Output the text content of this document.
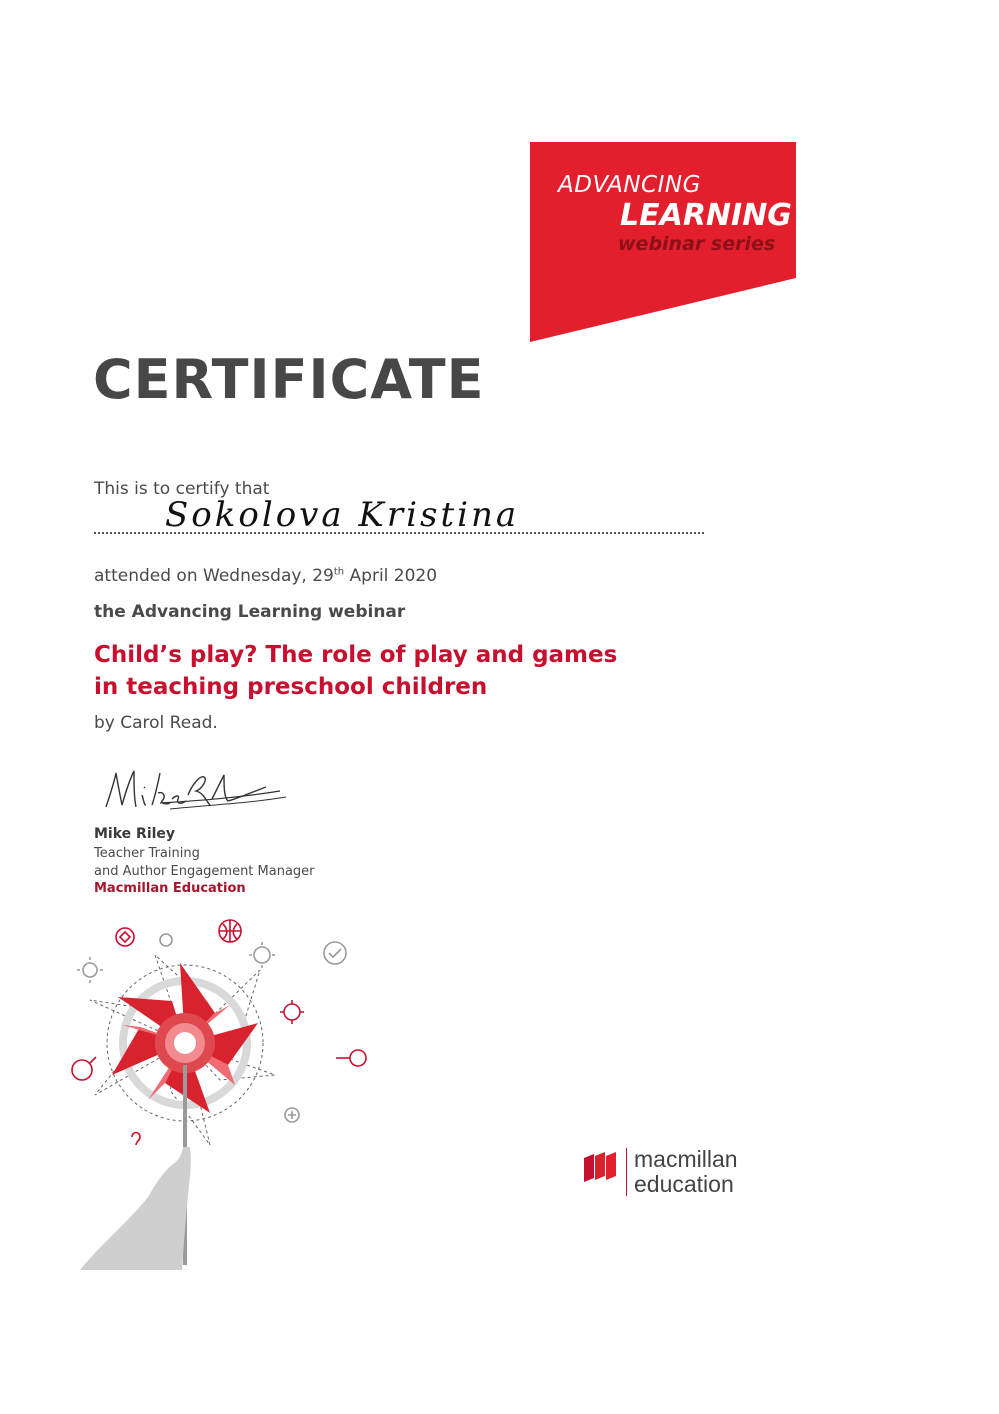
ADVANCING
LEARNING
webinar series
CERTIFICATE
This is to certify that
Sokolova Kristina
attended on Wednesday, 29th April 2020
the Advancing Learning webinar
Child’s play? The role of play and games
in teaching preschool children
by Carol Read.
Mike Riley
Teacher Training
and Author Engagement Manager
Macmillan Education
macmillan
education
